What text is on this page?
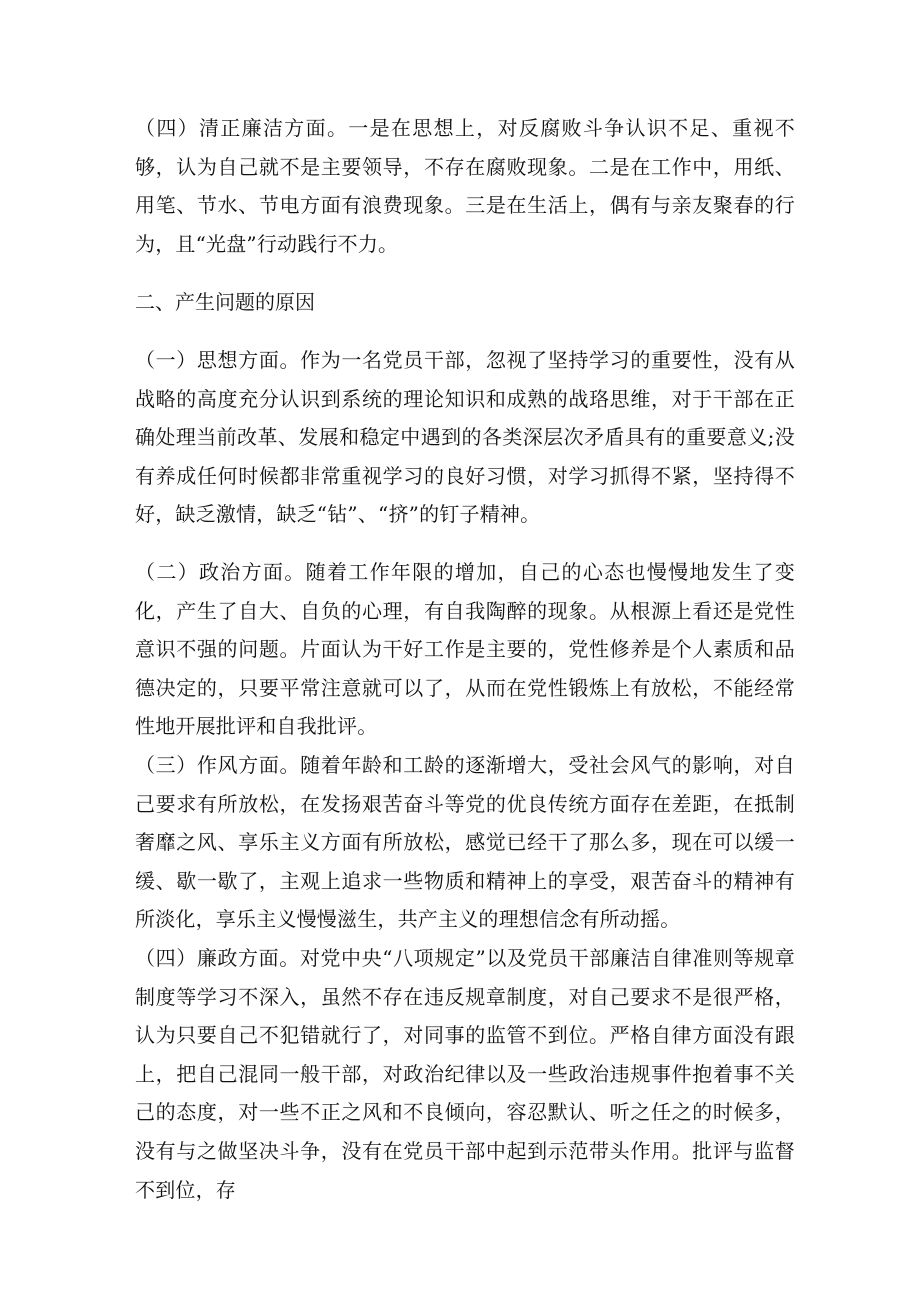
（四）清正廉洁方面。一是在思想上，对反腐败斗争认识不足、重视不够，认为自己就不是主要领导，不存在腐败现象。二是在工作中，用纸、用笔、节水、节电方面有浪费现象。三是在生活上，偶有与亲友聚春的行为，且“光盘”行动践行不力。

二、产生问题的原因

（一）思想方面。作为一名党员干部，忽视了坚持学习的重要性，没有从战略的高度充分认识到系统的理论知识和成熟的战珞思维，对于干部在正确处理当前改革、发展和稳定中遇到的各类深层次矛盾具有的重要意义;没有养成任何时候都非常重视学习的良好习惯，对学习抓得不紧，坚持得不好，缺乏激情，缺乏“钻”、“挤”的钉子精神。

（二）政治方面。随着工作年限的增加，自己的心态也慢慢地发生了变化，产生了自大、自负的心理，有自我陶醉的现象。从根源上看还是党性意识不强的问题。片面认为干好工作是主要的，党性修养是个人素质和品德决定的，只要平常注意就可以了，从而在党性锻炼上有放松，不能经常性地开展批评和自我批评。

（三）作风方面。随着年龄和工龄的逐渐增大，受社会风气的影响，对自己要求有所放松，在发扬艰苦奋斗等党的优良传统方面存在差距，在抵制奢靡之风、享乐主义方面有所放松，感觉已经干了那么多，现在可以缓一缓、歇一歇了，主观上追求一些物质和精神上的享受，艰苦奋斗的精神有所淡化，享乐主义慢慢滋生，共产主义的理想信念有所动摇。

（四）廉政方面。对党中央“八项规定”以及党员干部廉洁自律准则等规章制度等学习不深入，虽然不存在违反规章制度，对自己要求不是很严格，认为只要自己不犯错就行了，对同事的监管不到位。严格自律方面没有跟上，把自己混同一般干部，对政治纪律以及一些政治违规事件抱着事不关己的态度，对一些不正之风和不良倾向，容忍默认、听之任之的时候多，没有与之做坚决斗争，没有在党员干部中起到示范带头作用。批评与监督不到位，存
